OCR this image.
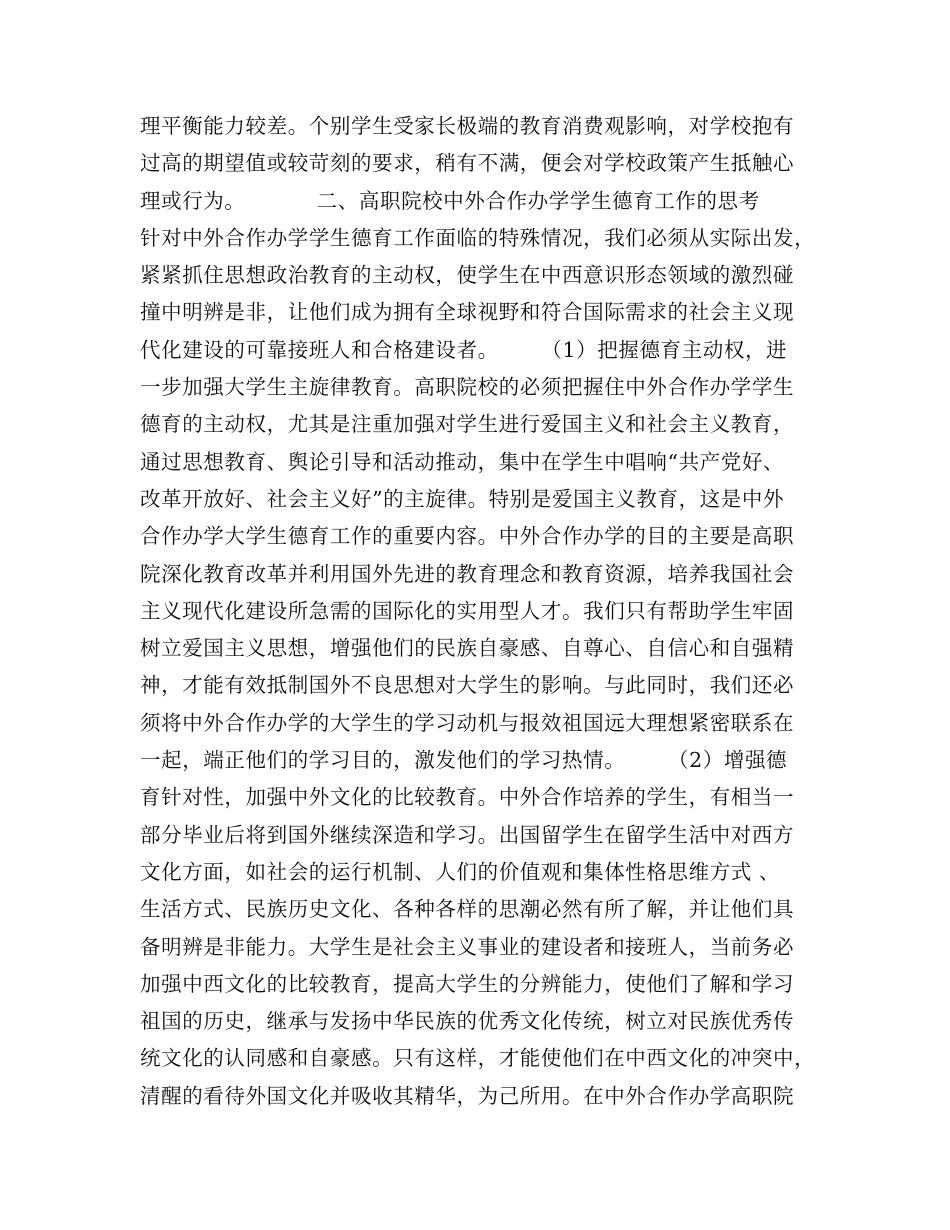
理平衡能力较差。个别学生受家长极端的教育消费观影响，对学校抱有
过高的期望值或较苛刻的要求，稍有不满，便会对学校政策产生抵触心
理或行为。          二、高职院校中外合作办学学生德育工作的思考
针对中外合作办学学生德育工作面临的特殊情况，我们必须从实际出发，
紧紧抓住思想政治教育的主动权，使学生在中西意识形态领域的激烈碰
撞中明辨是非，让他们成为拥有全球视野和符合国际需求的社会主义现
代化建设的可靠接班人和合格建设者。      （1）把握德育主动权，进
一步加强大学生主旋律教育。高职院校的必须把握住中外合作办学学生
德育的主动权，尤其是注重加强对学生进行爱国主义和社会主义教育，
通过思想教育、舆论引导和活动推动，集中在学生中唱响“共产党好、
改革开放好、社会主义好”的主旋律。特别是爱国主义教育，这是中外
合作办学大学生德育工作的重要内容。中外合作办学的目的主要是高职
院深化教育改革并利用国外先进的教育理念和教育资源，培养我国社会
主义现代化建设所急需的国际化的实用型人才。我们只有帮助学生牢固
树立爱国主义思想，增强他们的民族自豪感、自尊心、自信心和自强精
神，才能有效抵制国外不良思想对大学生的影响。与此同时，我们还必
须将中外合作办学的大学生的学习动机与报效祖国远大理想紧密联系在
一起，端正他们的学习目的，激发他们的学习热情。      （2）增强德
育针对性，加强中外文化的比较教育。中外合作培养的学生，有相当一
部分毕业后将到国外继续深造和学习。出国留学生在留学生活中对西方
文化方面，如社会的运行机制、人们的价值观和集体性格思维方式 、
生活方式、民族历史文化、各种各样的思潮必然有所了解，并让他们具
备明辨是非能力。大学生是社会主义事业的建设者和接班人，当前务必
加强中西文化的比较教育，提高大学生的分辨能力，使他们了解和学习
祖国的历史，继承与发扬中华民族的优秀文化传统，树立对民族优秀传
统文化的认同感和自豪感。只有这样，才能使他们在中西文化的冲突中，
清醒的看待外国文化并吸收其精华，为己所用。在中外合作办学高职院
